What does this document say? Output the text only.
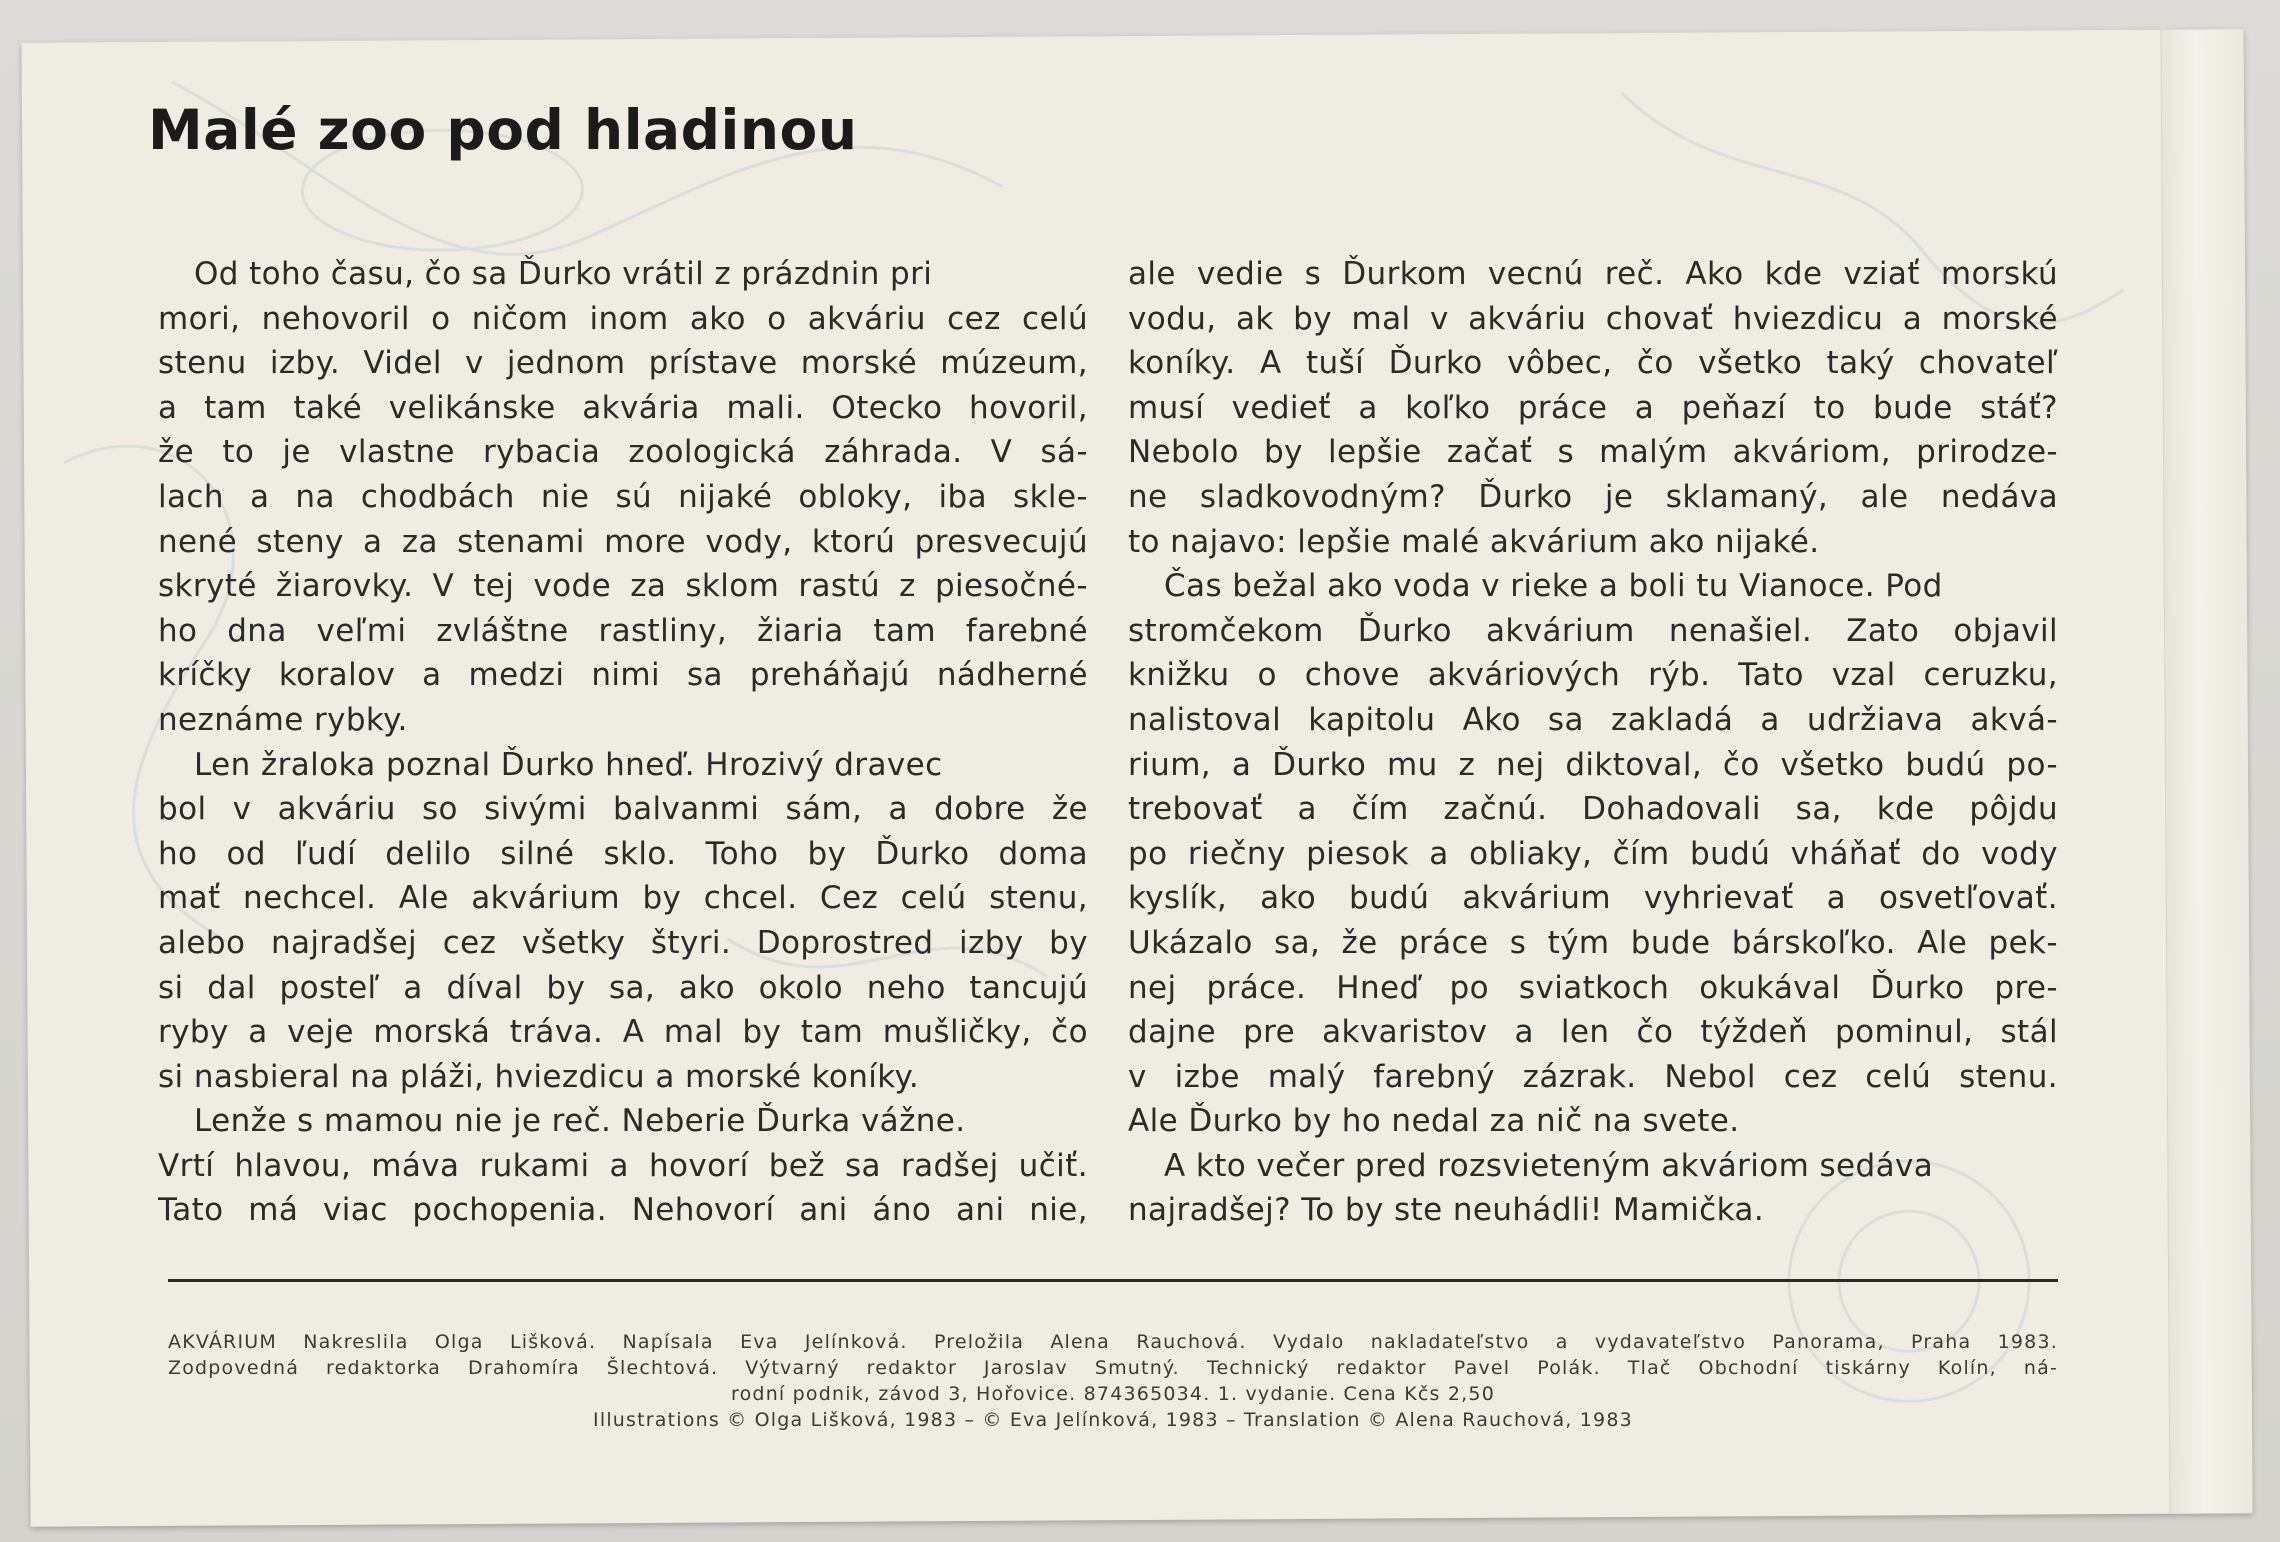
Malé zoo pod hladinou
Od toho času, čo sa Ďurko vrátil z prázdnin pri
mori, nehovoril o ničom inom ako o akváriu cez celú
stenu izby. Videl v jednom prístave morské múzeum,
a tam také velikánske akvária mali. Otecko hovoril,
že to je vlastne rybacia zoologická záhrada. V sá-
lach a na chodbách nie sú nijaké obloky, iba skle-
nené steny a za stenami more vody, ktorú presvecujú
skryté žiarovky. V tej vode za sklom rastú z piesočné-
ho dna veľmi zvláštne rastliny, žiaria tam farebné
kríčky koralov a medzi nimi sa preháňajú nádherné
neznáme rybky.
Len žraloka poznal Ďurko hneď. Hrozivý dravec
bol v akváriu so sivými balvanmi sám, a dobre že
ho od ľudí delilo silné sklo. Toho by Ďurko doma
mať nechcel. Ale akvárium by chcel. Cez celú stenu,
alebo najradšej cez všetky štyri. Doprostred izby by
si dal posteľ a díval by sa, ako okolo neho tancujú
ryby a veje morská tráva. A mal by tam mušličky, čo
si nasbieral na pláži, hviezdicu a morské koníky.
Lenže s mamou nie je reč. Neberie Ďurka vážne.
Vrtí hlavou, máva rukami a hovorí bež sa radšej učiť.
Tato má viac pochopenia. Nehovorí ani áno ani nie,
ale vedie s Ďurkom vecnú reč. Ako kde vziať morskú
vodu, ak by mal v akváriu chovať hviezdicu a morské
koníky. A tuší Ďurko vôbec, čo všetko taký chovateľ
musí vedieť a koľko práce a peňazí to bude stáť?
Nebolo by lepšie začať s malým akváriom, prirodze-
ne sladkovodným? Ďurko je sklamaný, ale nedáva
to najavo: lepšie malé akvárium ako nijaké.
Čas bežal ako voda v rieke a boli tu Vianoce. Pod
stromčekom Ďurko akvárium nenašiel. Zato objavil
knižku o chove akváriových rýb. Tato vzal ceruzku,
nalistoval kapitolu Ako sa zakladá a udržiava akvá-
rium, a Ďurko mu z nej diktoval, čo všetko budú po-
trebovať a čím začnú. Dohadovali sa, kde pôjdu
po riečny piesok a obliaky, čím budú vháňať do vody
kyslík, ako budú akvárium vyhrievať a osvetľovať.
Ukázalo sa, že práce s tým bude bárskoľko. Ale pek-
nej práce. Hneď po sviatkoch okukával Ďurko pre-
dajne pre akvaristov a len čo týždeň pominul, stál
v izbe malý farebný zázrak. Nebol cez celú stenu.
Ale Ďurko by ho nedal za nič na svete.
A kto večer pred rozsvieteným akváriom sedáva
najradšej? To by ste neuhádli! Mamička.
AKVÁRIUM Nakreslila Olga Lišková. Napísala Eva Jelínková. Preložila Alena Rauchová. Vydalo nakladateľstvo a vydavateľstvo Panorama, Praha 1983.
Zodpovedná redaktorka Drahomíra Šlechtová. Výtvarný redaktor Jaroslav Smutný. Technický redaktor Pavel Polák. Tlač Obchodní tiskárny Kolín, ná-
rodní podnik, závod 3, Hořovice. 874365034. 1. vydanie. Cena Kčs 2,50
Illustrations © Olga Lišková, 1983 – © Eva Jelínková, 1983 – Translation © Alena Rauchová, 1983
